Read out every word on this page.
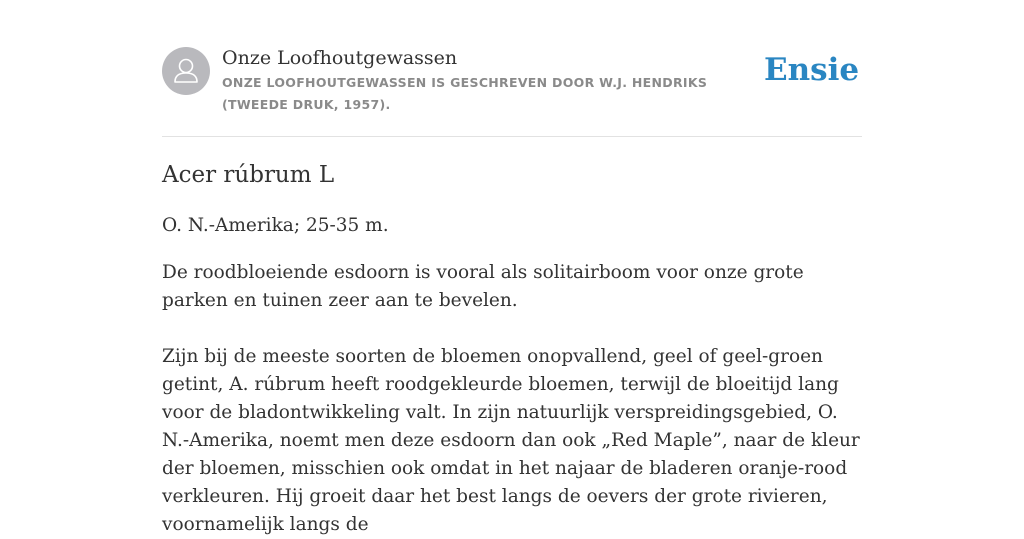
Onze Loofhoutgewassen
ONZE LOOFHOUTGEWASSEN IS GESCHREVEN DOOR W.J. HENDRIKS (TWEEDE DRUK, 1957).
Ensie
Acer rúbrum L

O. N.-Amerika; 25-35 m.

De roodbloeiende esdoorn is vooral als solitairboom voor onze grote parken en tuinen zeer aan te bevelen.

Zijn bij de meeste soorten de bloemen onopvallend, geel of geel-groen getint, A. rúbrum heeft roodgekleurde bloemen, terwijl de bloeitijd lang voor de bladontwikkeling valt. In zijn natuurlijk verspreidingsgebied, O. N.-Amerika, noemt men deze esdoorn dan ook „Red Maple”, naar de kleur der bloemen, misschien ook omdat in het najaar de bladeren oranje-rood verkleuren. Hij groeit daar het best langs de oevers der grote rivieren, voornamelijk langs de
